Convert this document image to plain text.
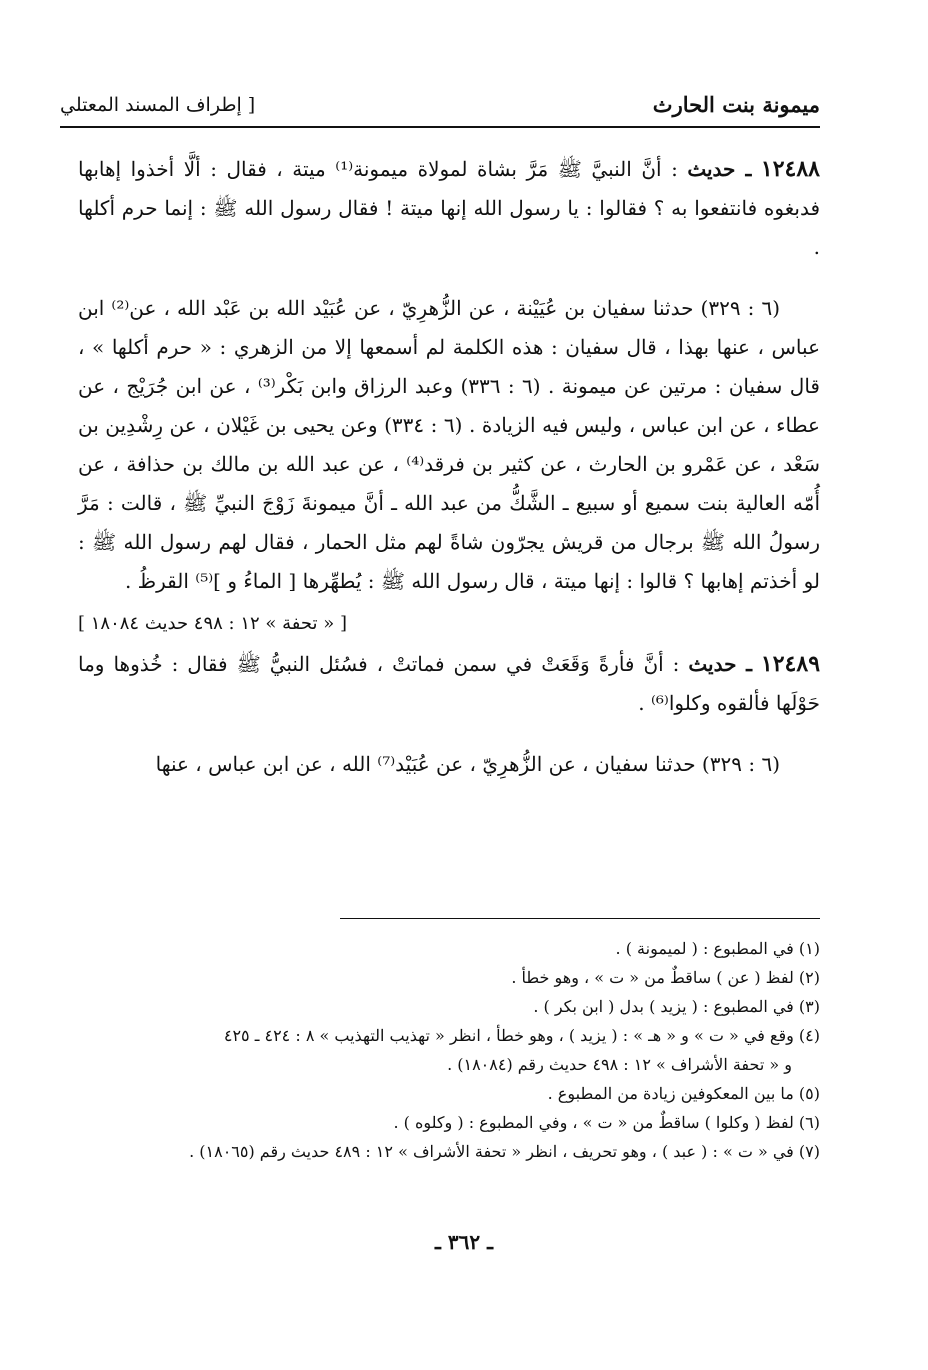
ميمونة بنت الحارث
[ إطراف المسند المعتلي

١٢٤٨٨ ـ حديث : أنَّ النبيَّ ﷺ مَرَّ بشاة لمولاة ميمونة⁽¹⁾ ميتة ، فقال : ألَّا أخذوا إهابها فدبغوه فانتفعوا به ؟ فقالوا : يا رسول الله إنها ميتة ! فقال رسول الله ﷺ : إنما حرم أكلها .

(٦ : ٣٢٩) حدثنا سفيان بن عُيَيْنة ، عن الزُّهرِيّ ، عن عُبَيْد الله بن عَبْد الله ، عن⁽²⁾ ابن عباس ، عنها بهذا ، قال سفيان : هذه الكلمة لم أسمعها إلا من الزهري : « حرم أكلها » ، قال سفيان : مرتين عن ميمونة . (٦ : ٣٣٦) وعبد الرزاق وابن بَكْر⁽³⁾ ، عن ابن جُرَيْج ، عن عطاء ، عن ابن عباس ، وليس فيه الزيادة . (٦ : ٣٣٤) وعن يحيى بن غَيْلان ، عن رِشْدِين بن سَعْد ، عن عَمْرو بن الحارث ، عن كثير بن فرقد⁽⁴⁾ ، عن عبد الله بن مالك بن حذافة ، عن أُمّه العالية بنت سميع أو سبيع ـ الشَّكُّ من عبد الله ـ أنَّ ميمونةَ زَوْجَ النبيِّ ﷺ ، قالت : مَرَّ رسولُ الله ﷺ برجال من قريش يجرّون شاةً لهم مثل الحمار ، فقال لهم رسول الله ﷺ : لو أخذتم إهابها ؟ قالوا : إنها ميتة ، قال رسول الله ﷺ : يُطهِّرها [ الماءُ و ]⁽⁵⁾ القرظُ .

[ « تحفة » ١٢ : ٤٩٨ حديث ١٨٠٨٤ ]

١٢٤٨٩ ـ حديث : أنَّ فأرةً وَقَعَتْ في سمن فماتتْ ، فسُئل النبيُّ ﷺ فقال : خُذوها وما حَوْلَها فألقوه وكلوا⁽⁶⁾ .

(٦ : ٣٢٩) حدثنا سفيان ، عن الزُّهرِيّ ، عن عُبَيْد⁽⁷⁾ الله ، عن ابن عباس ، عنها

(١) في المطبوع : ( لميمونة ) .

(٢) لفظ ( عن ) ساقطٌ من « ت » ، وهو خطأ .

(٣) في المطبوع : ( يزيد ) بدل ( ابن بكر ) .

(٤) وقع في « ت » و « هـ » : ( يزيد ) ، وهو خطأ ، انظر « تهذيب التهذيب » ٨ : ٤٢٤ ـ ٤٢٥

و « تحفة الأشراف » ١٢ : ٤٩٨ حديث رقم (١٨٠٨٤) .

(٥) ما بين المعكوفين زيادة من المطبوع .

(٦) لفظ ( وكلوا ) ساقطٌ من « ت » ، وفي المطبوع : ( وكلوه ) .

(٧) في « ت » : ( عبد ) ، وهو تحريف ، انظر « تحفة الأشراف » ١٢ : ٤٨٩ حديث رقم (١٨٠٦٥) .

ـ ٣٦٢ ـ
